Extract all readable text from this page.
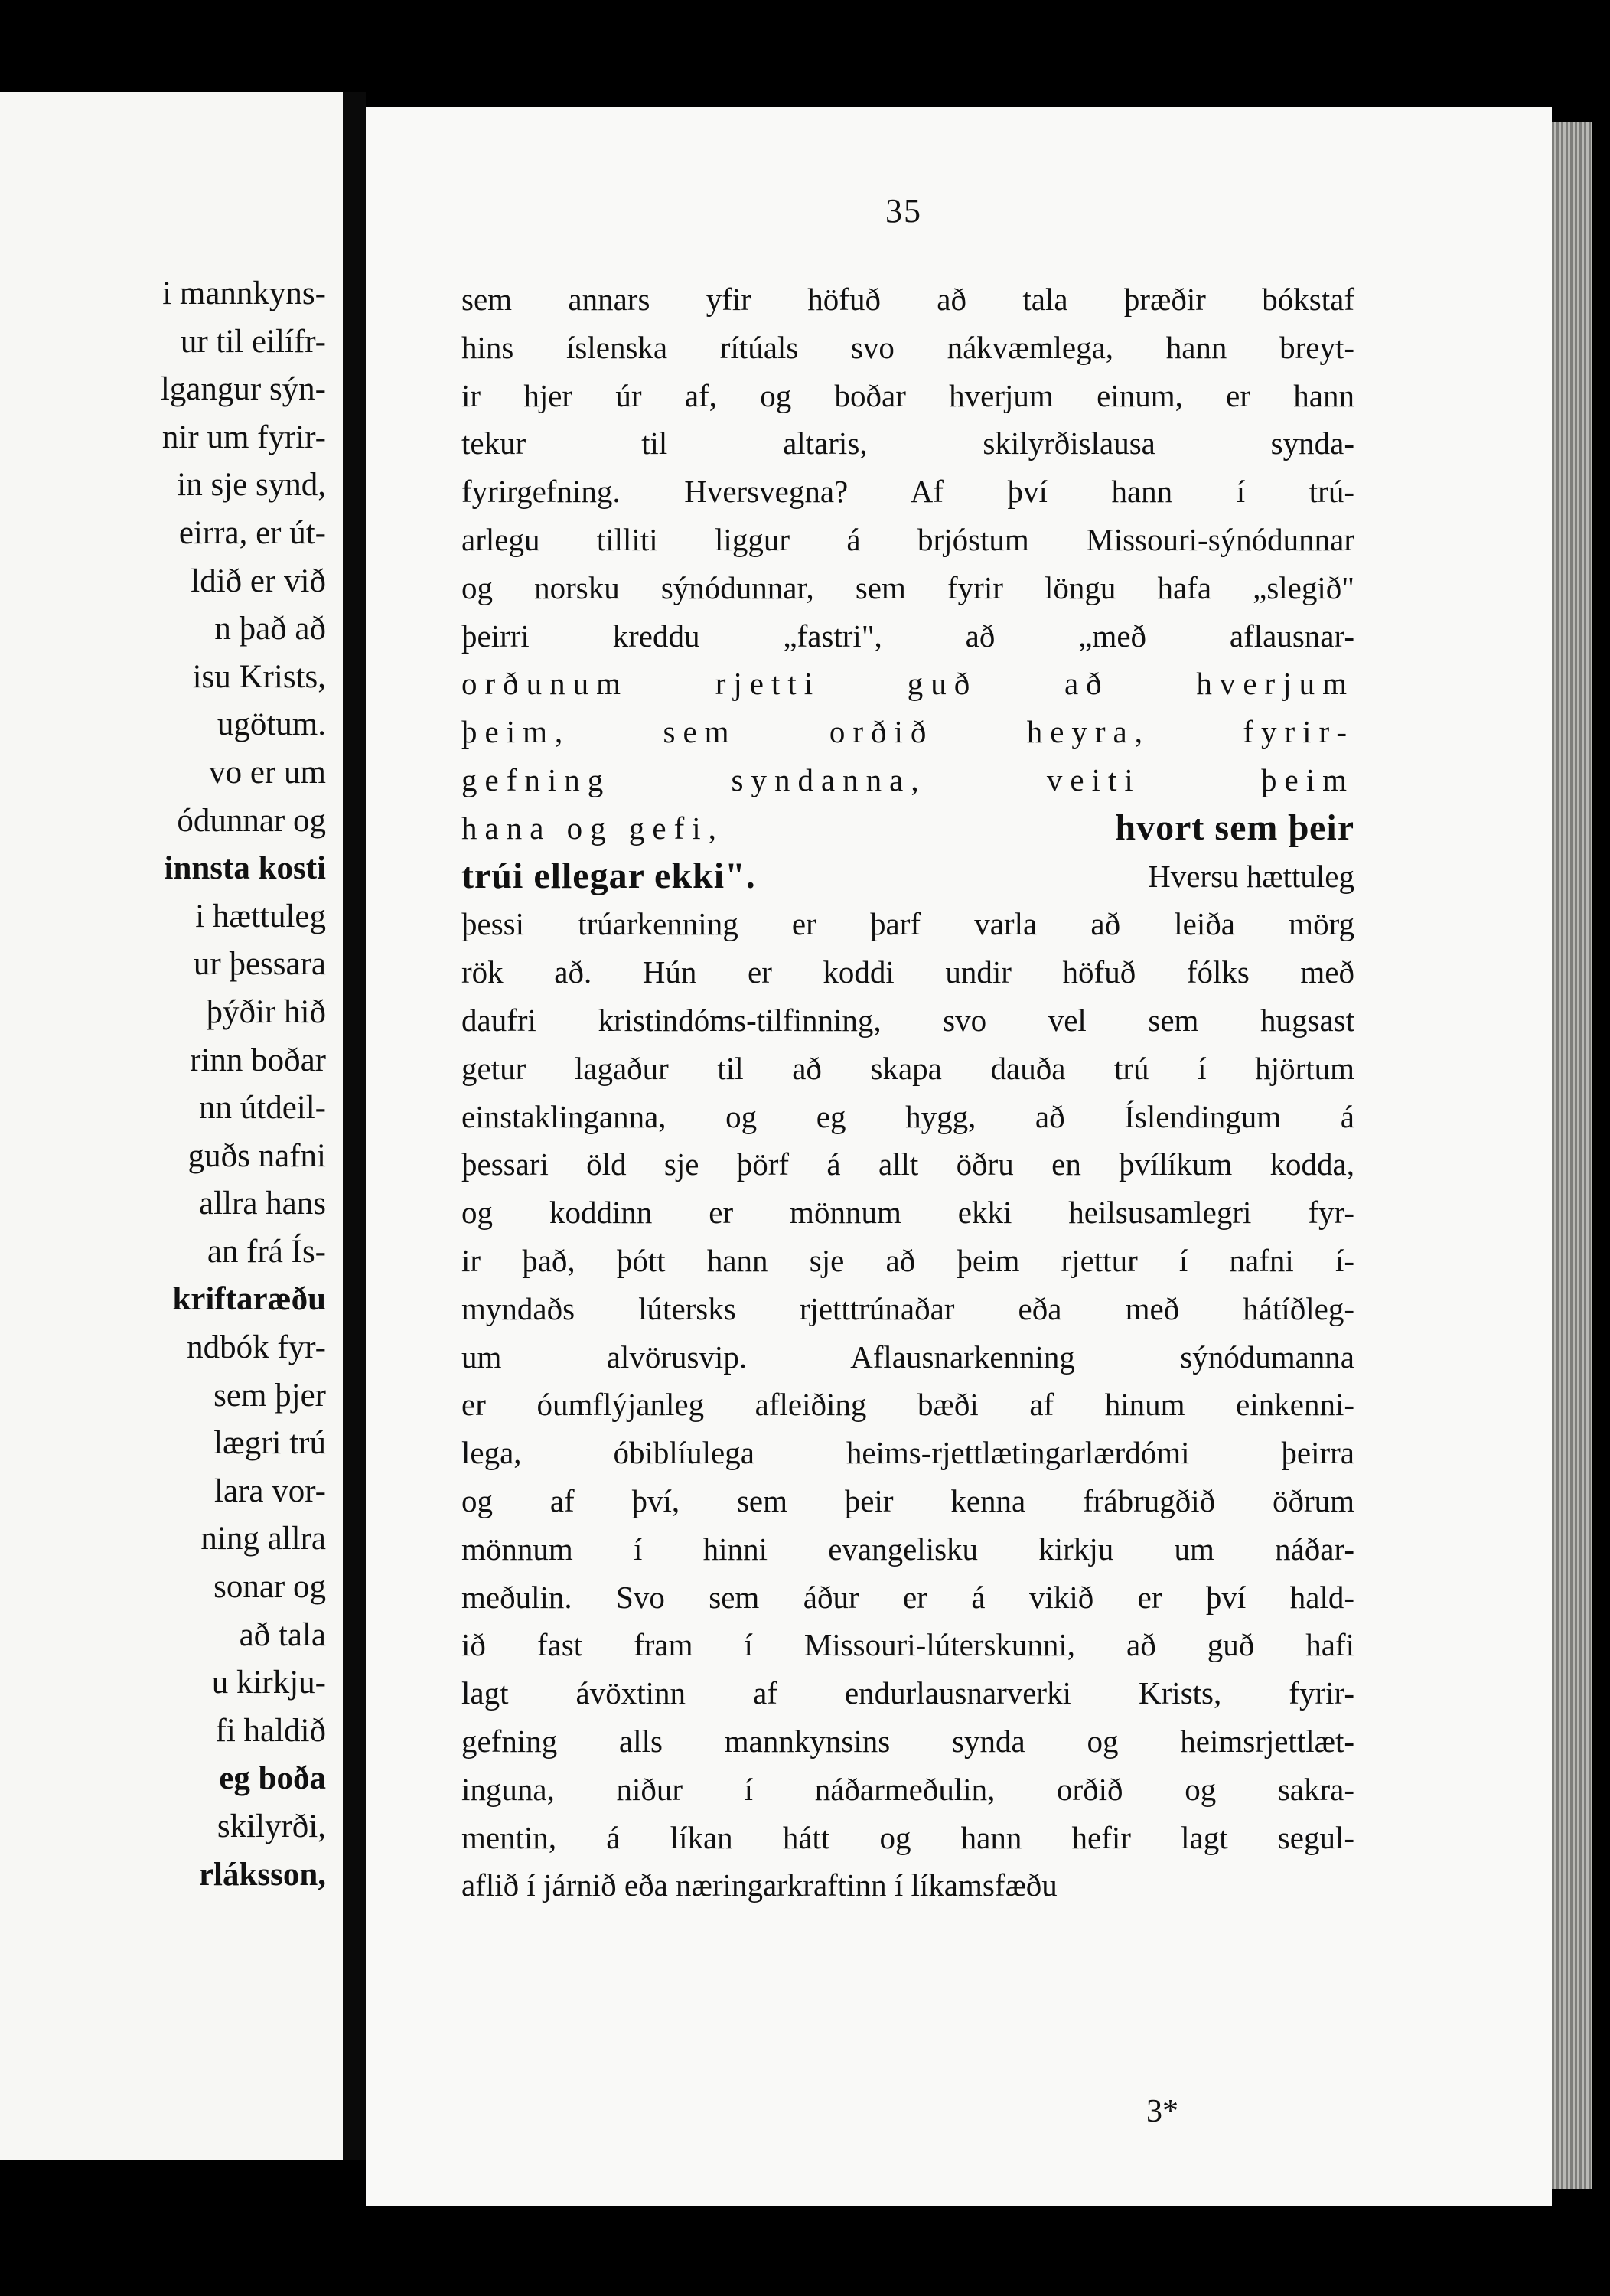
i mannkyns-
ur til eilífr-
lgangur sýn-
nir um fyrir-
in sje synd,
eirra, er út-
ldið er við
n það að
isu Krists,
ugötum.
vo er um
ódunnar og
innsta kosti
i hættuleg
ur þessara
þýðir hið
rinn boðar
nn útdeil-
guðs nafni
allra hans
an frá Ís-
kriftaræðu
ndbók fyr-
sem þjer
lægri trú
lara vor-
ning allra
sonar og
að tala
u kirkju-
fi haldið
eg boða
skilyrði,
rláksson,
35
sem annars yfir höfuð að tala þræðir bókstaf
hins íslenska rítúals svo nákvæmlega, hann breyt-
ir hjer úr af, og boðar hverjum einum, er hann
tekur til altaris, skilyrðislausa synda-
fyrirgefning. Hversvegna? Af því hann í trú-
arlegu tilliti liggur á brjóstum Missouri-sýnódunnar
og norsku sýnódunnar, sem fyrir löngu hafa „slegið"
þeirri kreddu „fastri", að „með aflausnar-
orðunum rjetti guð að hverjum
þeim, sem orðið heyra, fyrir-
gefning syndanna, veiti þeim
hana og gefi,	hvort sem þeir
trúi ellegar ekki".	Hversu hættuleg
þessi trúarkenning er þarf varla að leiða mörg
rök að. Hún er koddi undir höfuð fólks með
daufri kristindóms-tilfinning, svo vel sem hugsast
getur lagaður til að skapa dauða trú í hjörtum
einstaklinganna, og eg hygg, að Íslendingum á
þessari öld sje þörf á allt öðru en þvílíkum kodda,
og koddinn er mönnum ekki heilsusamlegri fyr-
ir það, þótt hann sje að þeim rjettur í nafni í-
myndaðs lútersks rjetttrúnaðar eða með hátíðleg-
um alvörusvip. Aflausnarkenning sýnódumanna
er óumflýjanleg afleiðing bæði af hinum einkenni-
lega, óbiblíulega heims-rjettlætingarlærdómi þeirra
og af því, sem þeir kenna frábrugðið öðrum
mönnum í hinni evangelisku kirkju um náðar-
meðulin. Svo sem áður er á vikið er því hald-
ið fast fram í Missouri-lúterskunni, að guð hafi
lagt ávöxtinn af endurlausnarverki Krists, fyrir-
gefning alls mannkynsins synda og heimsrjettlæt-
inguna, niður í náðarmeðulin, orðið og sakra-
mentin, á líkan hátt og hann hefir lagt segul-
aflið í járnið eða næringarkraftinn í líkamsfæðu
3*
